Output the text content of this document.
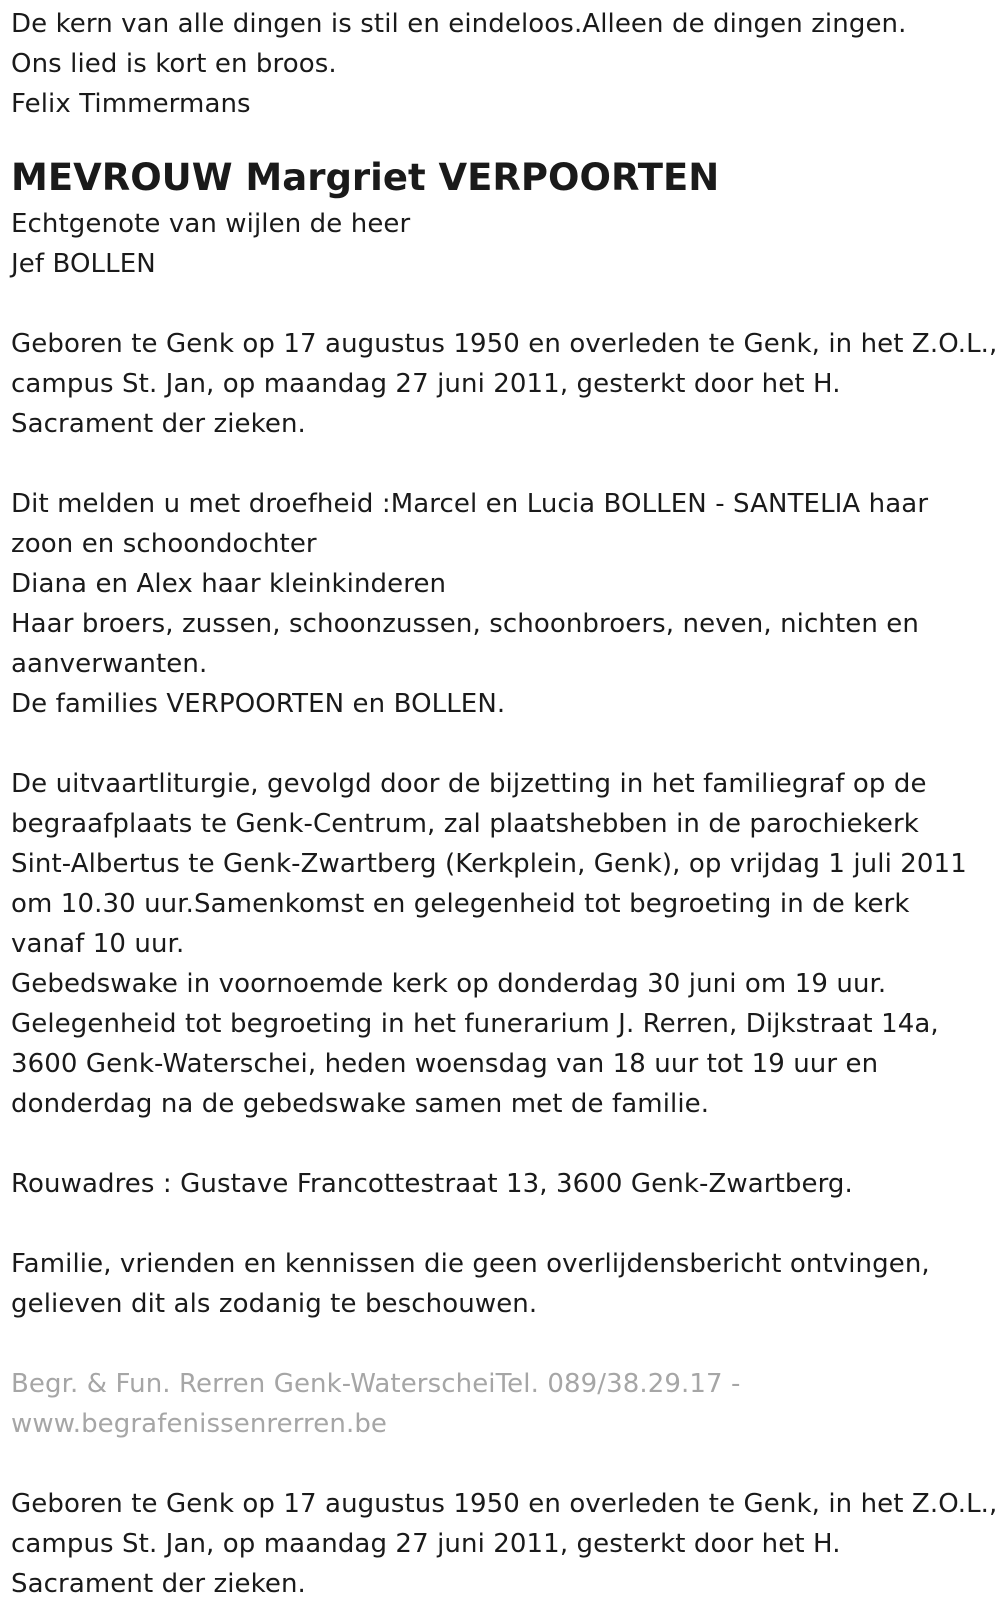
De kern van alle dingen is stil en eindeloos.Alleen de dingen zingen.
Ons lied is kort en broos.
Felix Timmermans
MEVROUW Margriet VERPOORTEN
Echtgenote van wijlen de heer
Jef BOLLEN
Geboren te Genk op 17 augustus 1950 en overleden te Genk, in het Z.O.L.,
campus St. Jan, op maandag 27 juni 2011, gesterkt door het H.
Sacrament der zieken.
Dit melden u met droefheid :Marcel en Lucia BOLLEN - SANTELIA haar
zoon en schoondochter
Diana en Alex haar kleinkinderen
Haar broers, zussen, schoonzussen, schoonbroers, neven, nichten en
aanverwanten.
De families VERPOORTEN en BOLLEN.
De uitvaartliturgie, gevolgd door de bijzetting in het familiegraf op de
begraafplaats te Genk-Centrum, zal plaatshebben in de parochiekerk
Sint-Albertus te Genk-Zwartberg (Kerkplein, Genk), op vrijdag 1 juli 2011
om 10.30 uur.Samenkomst en gelegenheid tot begroeting in de kerk
vanaf 10 uur.
Gebedswake in voornoemde kerk op donderdag 30 juni om 19 uur.
Gelegenheid tot begroeting in het funerarium J. Rerren, Dijkstraat 14a,
3600 Genk-Waterschei, heden woensdag van 18 uur tot 19 uur en
donderdag na de gebedswake samen met de familie.
Rouwadres : Gustave Francottestraat 13, 3600 Genk-Zwartberg.
Familie, vrienden en kennissen die geen overlijdensbericht ontvingen,
gelieven dit als zodanig te beschouwen.
Begr. & Fun. Rerren Genk-WaterscheiTel. 089/38.29.17 -
www.begrafenissenrerren.be
Geboren te Genk op 17 augustus 1950 en overleden te Genk, in het Z.O.L.,
campus St. Jan, op maandag 27 juni 2011, gesterkt door het H.
Sacrament der zieken.
